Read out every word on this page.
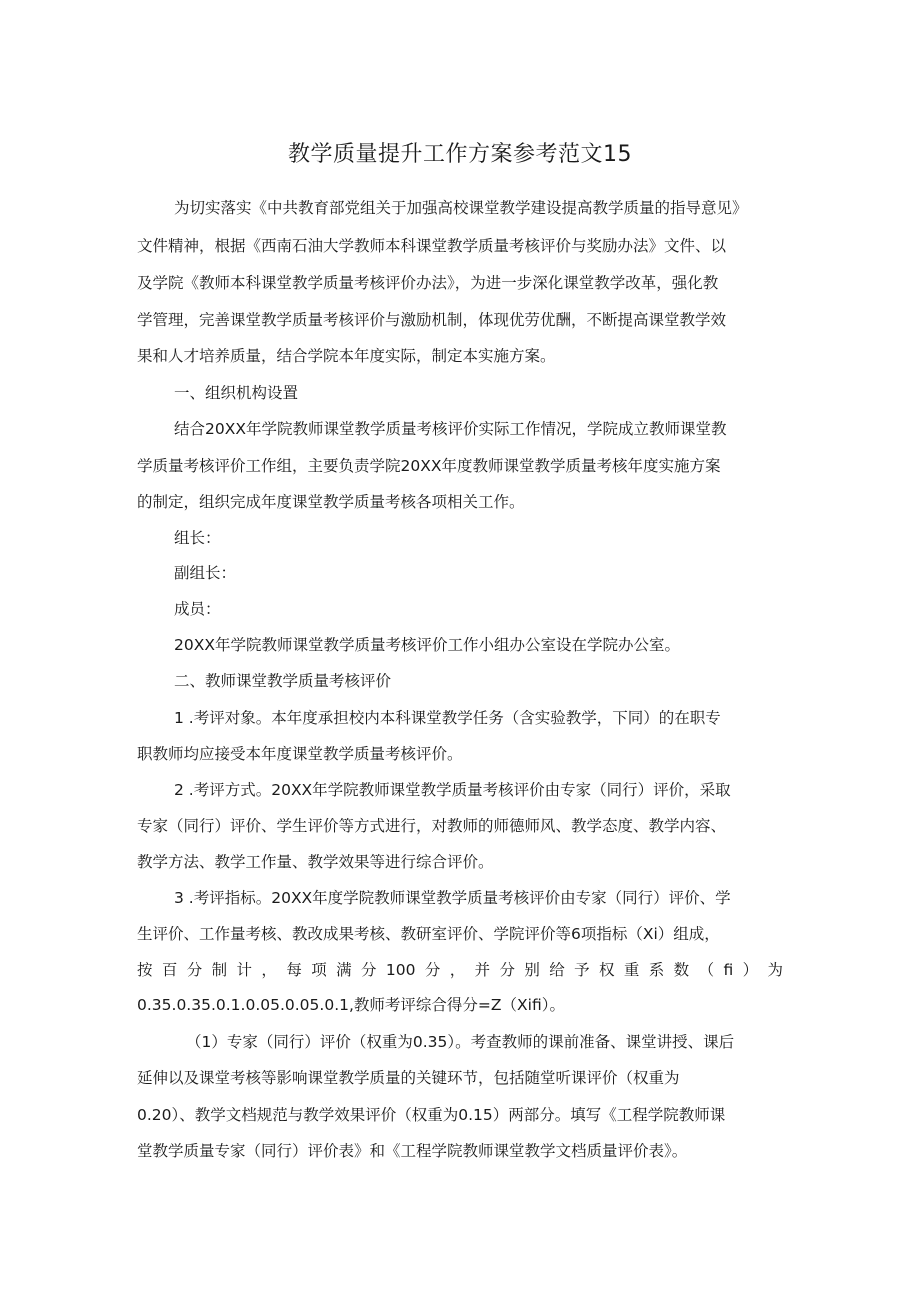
教学质量提升工作方案参考范文15
为切实落实《中共教育部党组关于加强高校课堂教学建设提高教学质量的指导意见》
文件精神，根据《西南石油大学教师本科课堂教学质量考核评价与奖励办法》文件、以
及学院《教师本科课堂教学质量考核评价办法》，为进一步深化课堂教学改革，强化教
学管理，完善课堂教学质量考核评价与激励机制，体现优劳优酬，不断提高课堂教学效
果和人才培养质量，结合学院本年度实际，制定本实施方案。
一、组织机构设置
结合20XX年学院教师课堂教学质量考核评价实际工作情况，学院成立教师课堂教
学质量考核评价工作组，主要负责学院20XX年度教师课堂教学质量考核年度实施方案
的制定，组织完成年度课堂教学质量考核各项相关工作。
组长：
副组长：
成员：
20XX年学院教师课堂教学质量考核评价工作小组办公室设在学院办公室。
二、教师课堂教学质量考核评价
1 .考评对象。本年度承担校内本科课堂教学任务（含实验教学，下同）的在职专
职教师均应接受本年度课堂教学质量考核评价。
2 .考评方式。20XX年学院教师课堂教学质量考核评价由专家（同行）评价，采取
专家（同行）评价、学生评价等方式进行，对教师的师德师风、教学态度、教学内容、
教学方法、教学工作量、教学效果等进行综合评价。
3 .考评指标。20XX年度学院教师课堂教学质量考核评价由专家（同行）评价、学
生评价、工作量考核、教改成果考核、教研室评价、学院评价等6项指标（Xi）组成，
按百分制计，每项满分100分，并分别给予权重系数（fi）为
0.35.0.35.0.1.0.05.0.05.0.1,教师考评综合得分=Z（Xifi）。
（1）专家（同行）评价（权重为0.35）。考查教师的课前准备、课堂讲授、课后
延伸以及课堂考核等影响课堂教学质量的关键环节，包括随堂听课评价（权重为
0.20）、教学文档规范与教学效果评价（权重为0.15）两部分。填写《工程学院教师课
堂教学质量专家（同行）评价表》和《工程学院教师课堂教学文档质量评价表》。
